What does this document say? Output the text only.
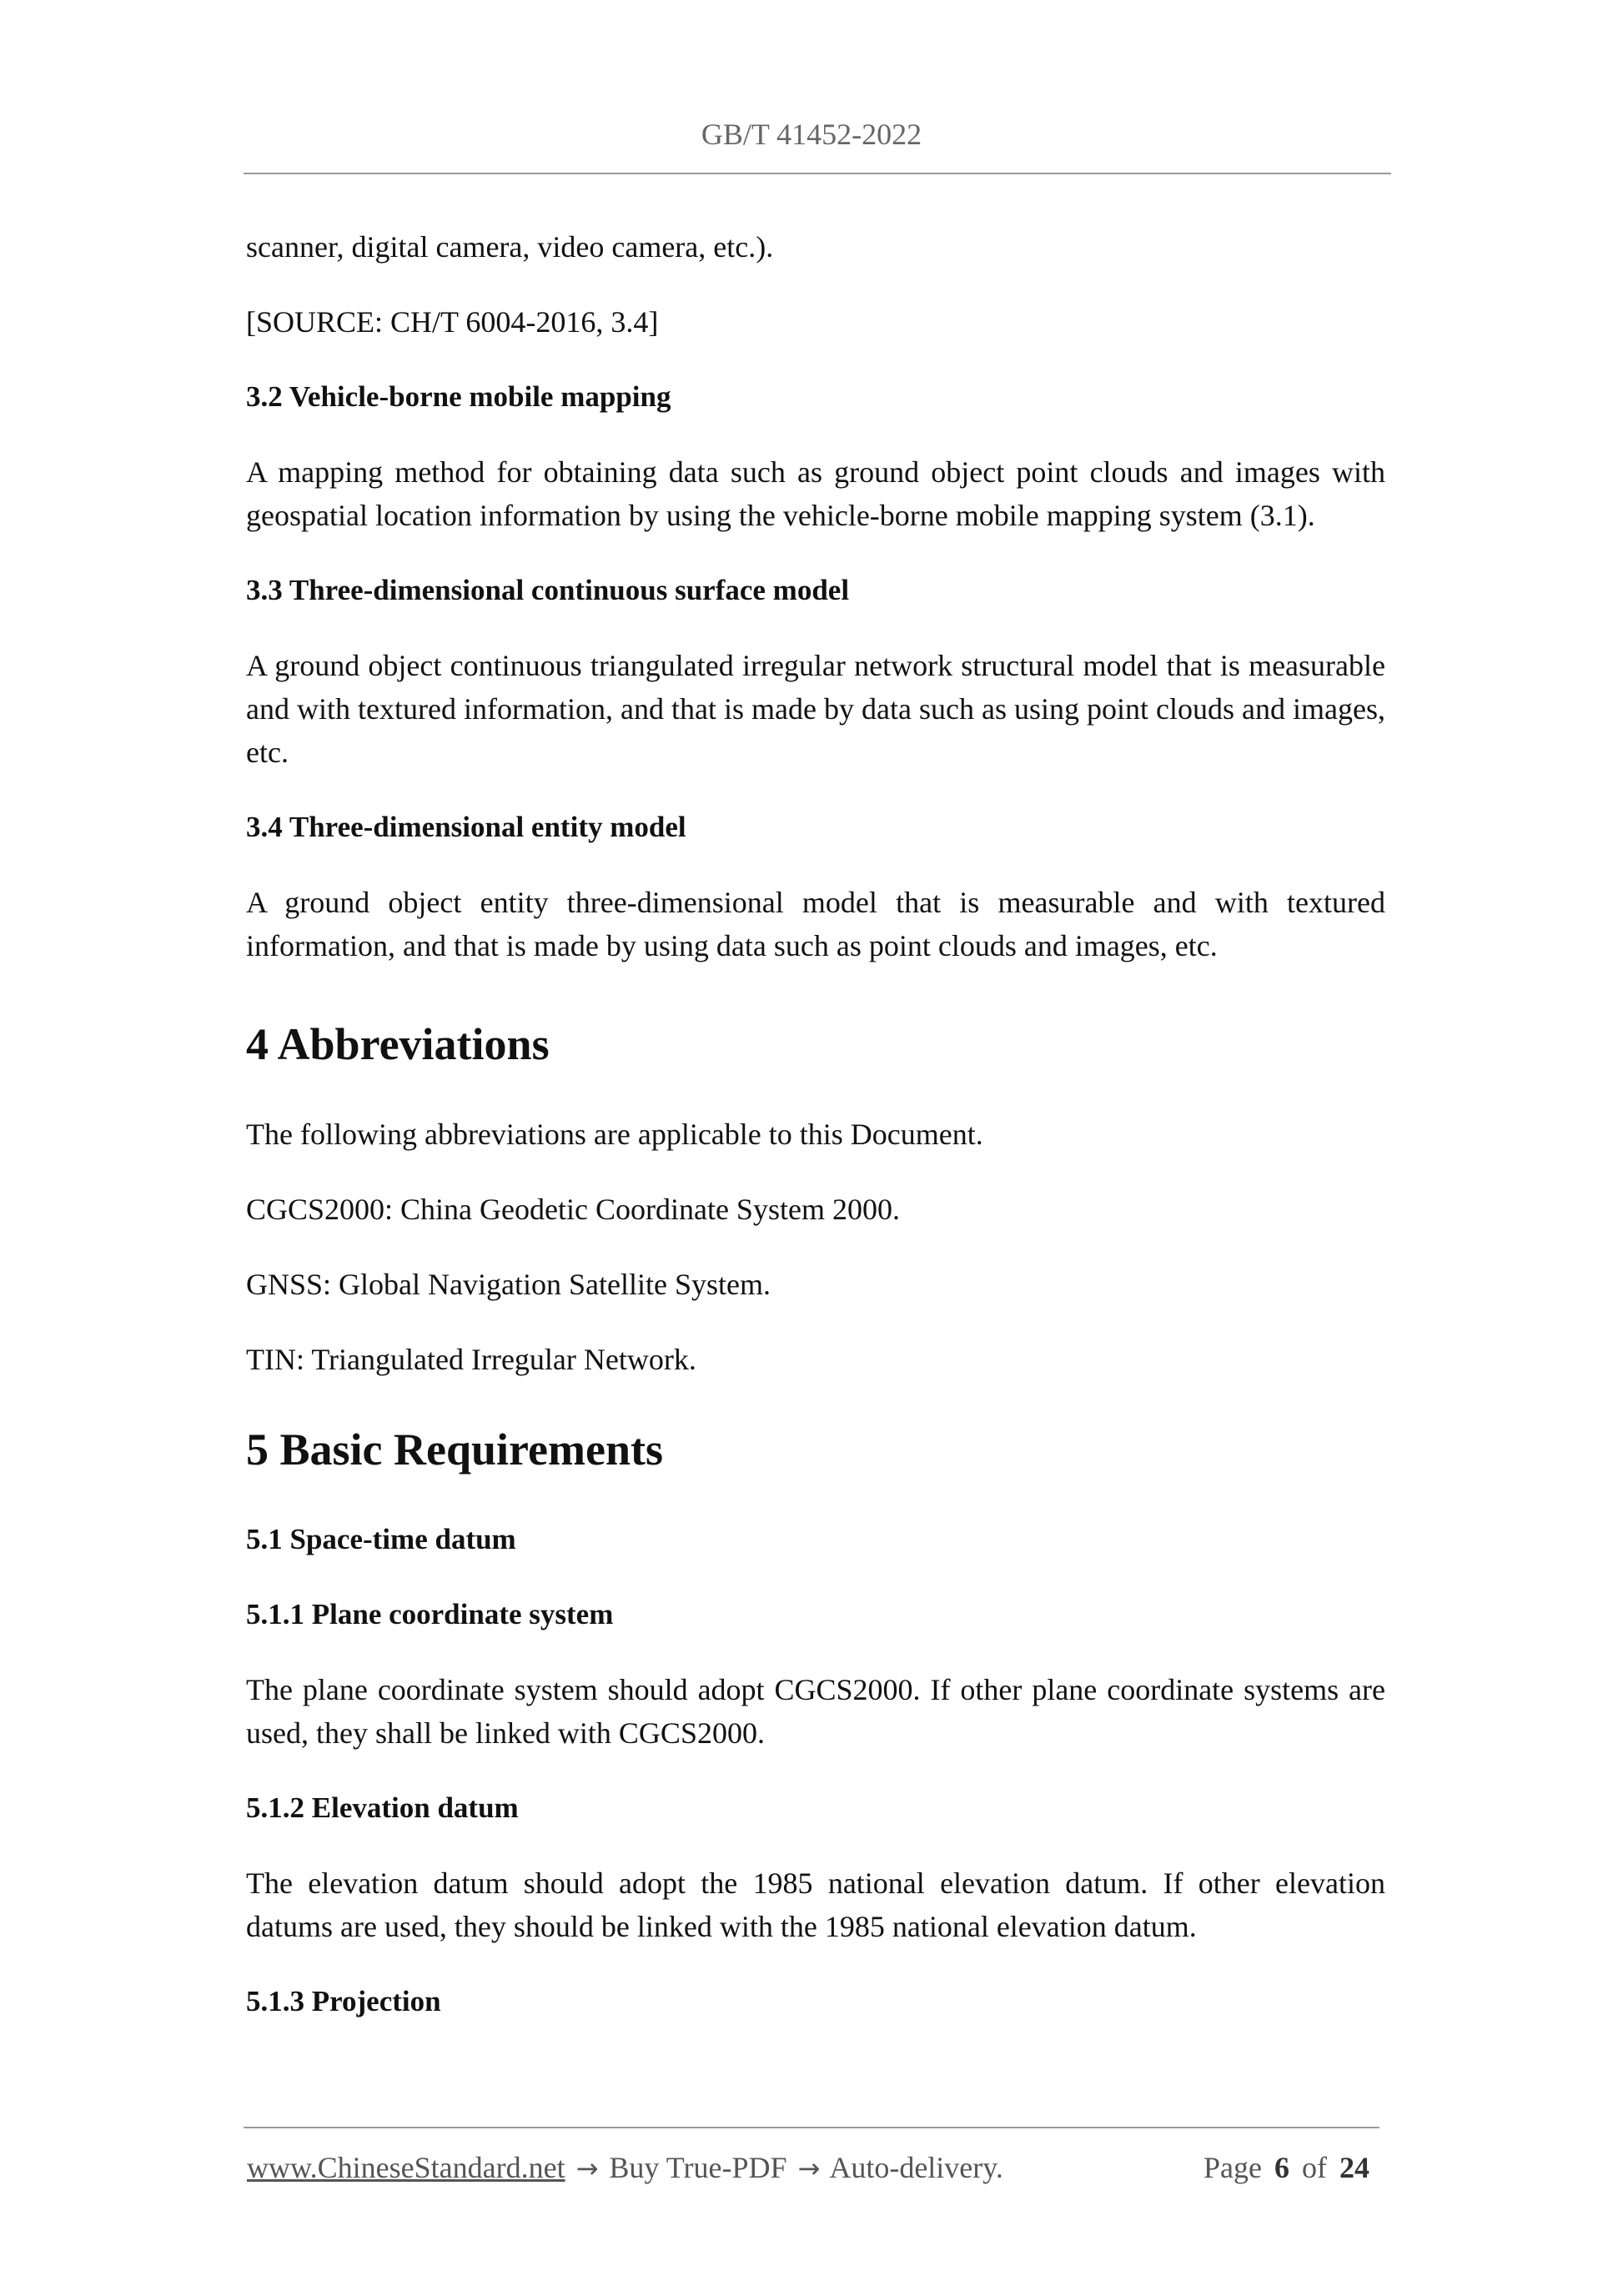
GB/T 41452-2022

scanner, digital camera, video camera, etc.).

[SOURCE: CH/T 6004-2016, 3.4]

3.2 Vehicle-borne mobile mapping

A mapping method for obtaining data such as ground object point clouds and images with geospatial location information by using the vehicle-borne mobile mapping system (3.1).

3.3 Three-dimensional continuous surface model

A ground object continuous triangulated irregular network structural model that is measurable and with textured information, and that is made by data such as using point clouds and images, etc.

3.4 Three-dimensional entity model

A ground object entity three-dimensional model that is measurable and with textured information, and that is made by using data such as point clouds and images, etc.

4 Abbreviations

The following abbreviations are applicable to this Document.

CGCS2000: China Geodetic Coordinate System 2000.

GNSS: Global Navigation Satellite System.

TIN: Triangulated Irregular Network.

5 Basic Requirements

5.1 Space-time datum

5.1.1 Plane coordinate system

The plane coordinate system should adopt CGCS2000. If other plane coordinate systems are used, they shall be linked with CGCS2000.

5.1.2 Elevation datum

The elevation datum should adopt the 1985 national elevation datum. If other elevation datums are used, they should be linked with the 1985 national elevation datum.

5.1.3 Projection

www.ChineseStandard.net → Buy True-PDF → Auto-delivery.	Page 6 of 24
